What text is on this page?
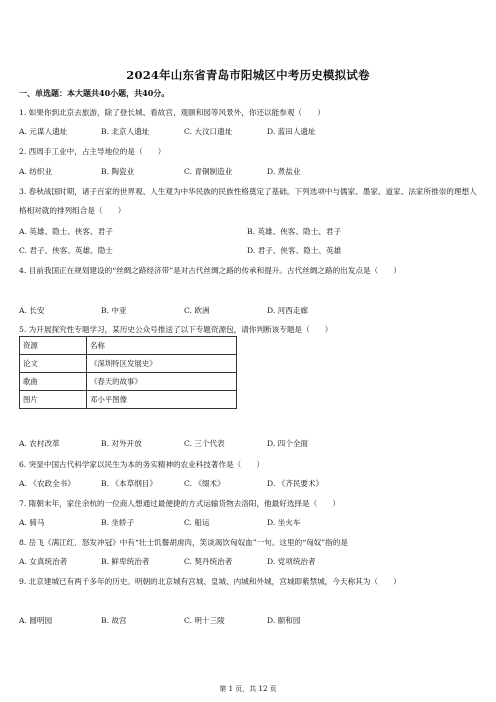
2024年山东省青岛市阳城区中考历史模拟试卷
一、单选题：本大题共40小题，共40分。
1. 如果你到北京去旅游，除了登长城、看故宫、观颐和园等风景外，你还以能参观（　　）
A. 元谋人遗址	B. 北京人遗址	C. 大汶口遗址	D. 蓝田人遗址
2. 西周手工业中，占主导地位的是（　　）
A. 纺织业	B. 陶瓷业	C. 青铜制造业	D. 煮盐业
3. 春秋战国时期，诸子百家的世界观、人生观为中华民族的民族性格奠定了基础。下列选项中与儒家、墨家、道家、法家所推崇的理想人格相对就的排列组合是（　　）
A. 英雄、隐士、侠客、君子	B. 英雄、侠客、隐士、君子
C. 君子、侠客、英雄、隐士	D. 君子、侠客、隐士、英雄
4. 目前我国正在规划建设的“丝绸之路经济带”是对古代丝绸之路的传承和提升。古代丝绸之路的出发点是（　　）
A. 长安	B. 中亚	C. 欧洲	D. 河西走廊
5. 为开展探究性专题学习，某历史公众号推送了以下专题资源包，请你判断该专题是（　　）
资源	名称
论文	《深圳特区发展史》
歌曲	《春天的故事》
图片	邓小平图像
A. 农村改革	B. 对外开放	C. 三个代表	D. 四个全面
6. 突显中国古代科学家以民生为本的务实精神的农业科技著作是（　　）
A. 《农政全书》	B. 《本草纲目》	C. 《缀术》	D. 《齐民要术》
7. 隋朝末年，家住余杭的一位商人想通过最便捷的方式运输货物去洛阳，他最好选择是（　　）
A. 骑马	B. 坐轿子	C. 船运	D. 坐火车
8. 岳飞《满江红．怒发冲冠》中有“壮士饥餐胡虏肉，笑谈渴饮匈奴血”一句。这里的“匈奴”指的是
A. 女真统治者	B. 鲜卑统治者	C. 契丹统治者	D. 党项统治者
9. 北京建城已有两千多年的历史。明朝的北京城有宫城、皇城、内城和外城，宫城即紫禁城，今天称其为（　　）
A. 圆明园	B. 故宫	C. 明十三陵	D. 颐和园
第 1 页，共 12 页
